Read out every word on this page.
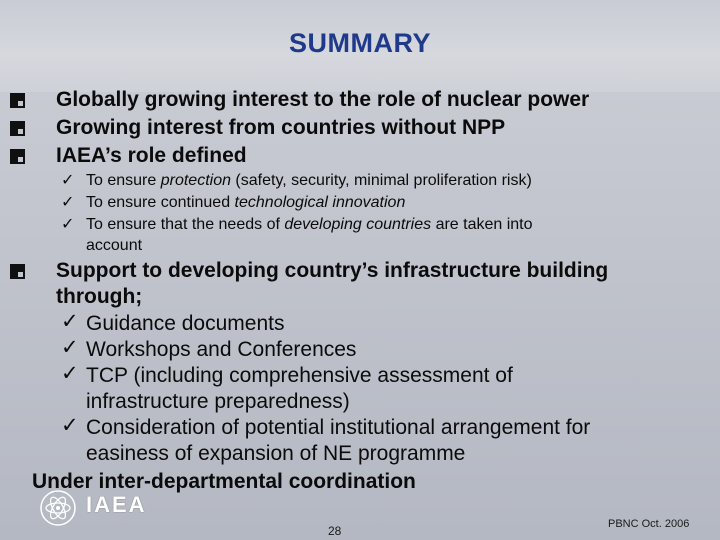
SUMMARY
Globally growing interest to the role of nuclear power
Growing interest from countries without NPP
IAEA’s role defined
✓ To ensure protection (safety, security, minimal proliferation risk)
✓ To ensure continued technological innovation
✓ To ensure that the needs of developing countries are taken into
account
Support to developing country’s infrastructure building
through;
✓ Guidance documents
✓ Workshops and Conferences
✓ TCP (including comprehensive assessment of
infrastructure preparedness)
✓ Consideration of potential institutional arrangement for
easiness of expansion of NE programme
Under inter-departmental coordination
IAEA
28	PBNC Oct. 2006
